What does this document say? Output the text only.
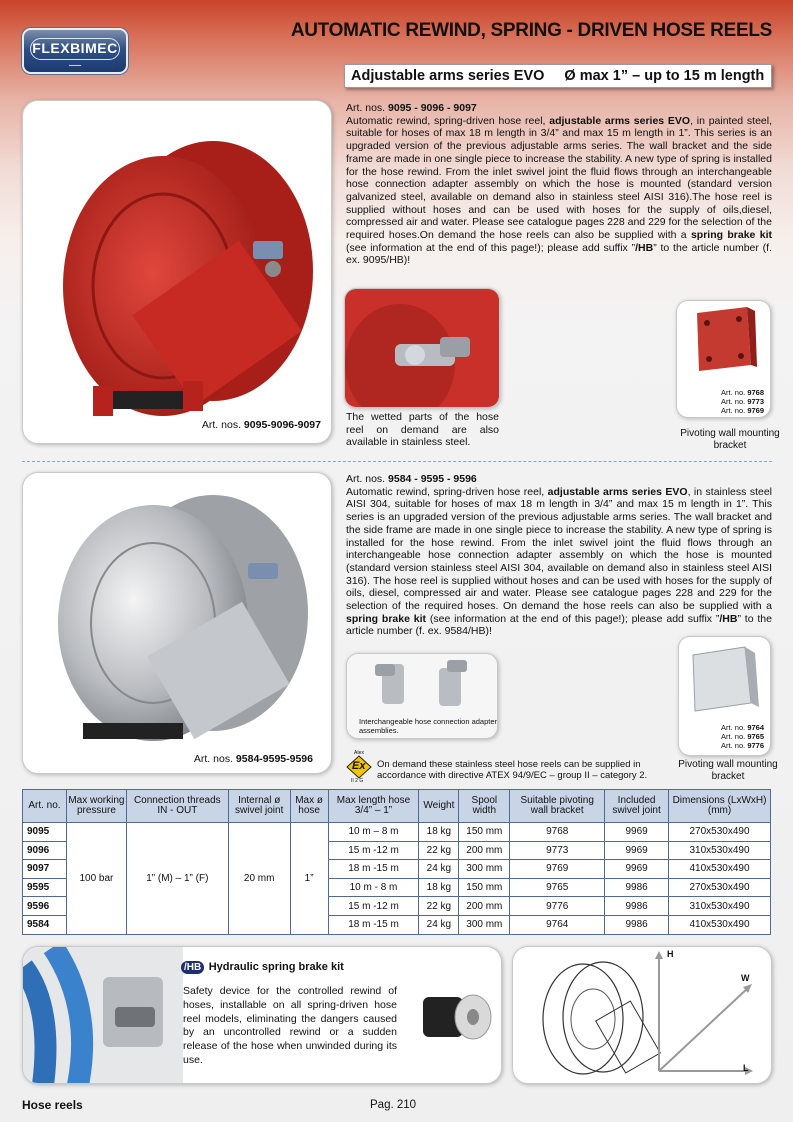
FLEXBIMEC
━━━━
AUTOMATIC REWIND, SPRING - DRIVEN HOSE REELS
Adjustable arms series EVO Ø max 1” – up to 15 m length
Art. nos. 9095-9096-9097
Art. nos. 9095 - 9096 - 9097
Automatic rewind, spring-driven hose reel, adjustable arms series EVO, in painted steel, suitable for hoses of max 18 m length in 3/4” and max 15 m length in 1”. This series is an upgraded version of the previous adjustable arms series. The wall bracket and the side frame are made in one single piece to increase the stability. A new type of spring is installed for the hose rewind. From the inlet swivel joint the fluid flows through an interchangeable hose connection adapter assembly on which the hose is mounted (standard version galvanized steel, available on demand also in stainless steel AISI 316).The hose reel is supplied without hoses and can be used with hoses for the supply of oils,diesel, compressed air and water. Please see catalogue pages 228 and 229 for the selection of the required hoses.On demand the hose reels can also be supplied with a spring brake kit (see information at the end of this page!); please add suffix ”/HB” to the article number (f. ex. 9095/HB)!
The wetted parts of the hose reel on demand are also available in stainless steel.
Art. no. 9768
Art. no. 9773
Art. no. 9769
Pivoting wall mounting bracket
Art. nos. 9584-9595-9596
Art. nos. 9584 - 9595 - 9596
Automatic rewind, spring-driven hose reel, adjustable arms series EVO, in stainless steel AISI 304, suitable for hoses of max 18 m length in 3/4” and max 15 m length in 1”. This series is an upgraded version of the previous adjustable arms series. The wall bracket and the side frame are made in one single piece to increase the stability. A new type of spring is installed for the hose rewind. From the inlet swivel joint the fluid flows through an interchangeable hose connection adapter assembly on which the hose is mounted (standard version stainless steel AISI 304, available on demand also in stainless steel AISI 316). The hose reel is supplied without hoses and can be used with hoses for the supply of oils, diesel, compressed air and water. Please see catalogue pages 228 and 229 for the selection of the required hoses. On demand the hose reels can also be supplied with a spring brake kit (see information at the end of this page!); please add suffix ”/HB” to the article number (f. ex. 9584/HB)!
Interchangeable hose connection adapter assemblies.	Art. no. 9764
Art. no. 9765
Art. no. 9776
Pivoting wall mounting bracket
Atex
Ex
II 2 G
On demand these stainless steel hose reels can be supplied in accordance with directive ATEX 94/9/EC – group II – category 2.
Art. no.	Max working pressure	Connection threads IN - OUT	Internal ø swivel joint	Max ø hose	Max length hose 3/4” – 1”	Weight	Spool width	Suitable pivoting wall bracket	Included swivel joint	Dimensions (LxWxH) (mm)
9095	100 bar	1” (M) – 1” (F)	20 mm	1”	10 m – 8 m	18 kg	150 mm	9768	9969	270x530x490
9096					15 m -12 m	22 kg	200 mm	9773	9969	310x530x490
9097					18 m -15 m	24 kg	300 mm	9769	9969	410x530x490
9595					10 m - 8 m	18 kg	150 mm	9765	9986	270x530x490
9596					15 m -12 m	22 kg	200 mm	9776	9986	310x530x490
9584					18 m -15 m	24 kg	300 mm	9764	9986	410x530x490
/HB Hydraulic spring brake kit
Safety device for the controlled rewind of hoses, installable on all spring-driven hose reel models, eliminating the dangers caused by an uncontrolled rewind or a sudden release of the hose when unwinded during its use.
H
W
L
Hose reels	Pag. 210
